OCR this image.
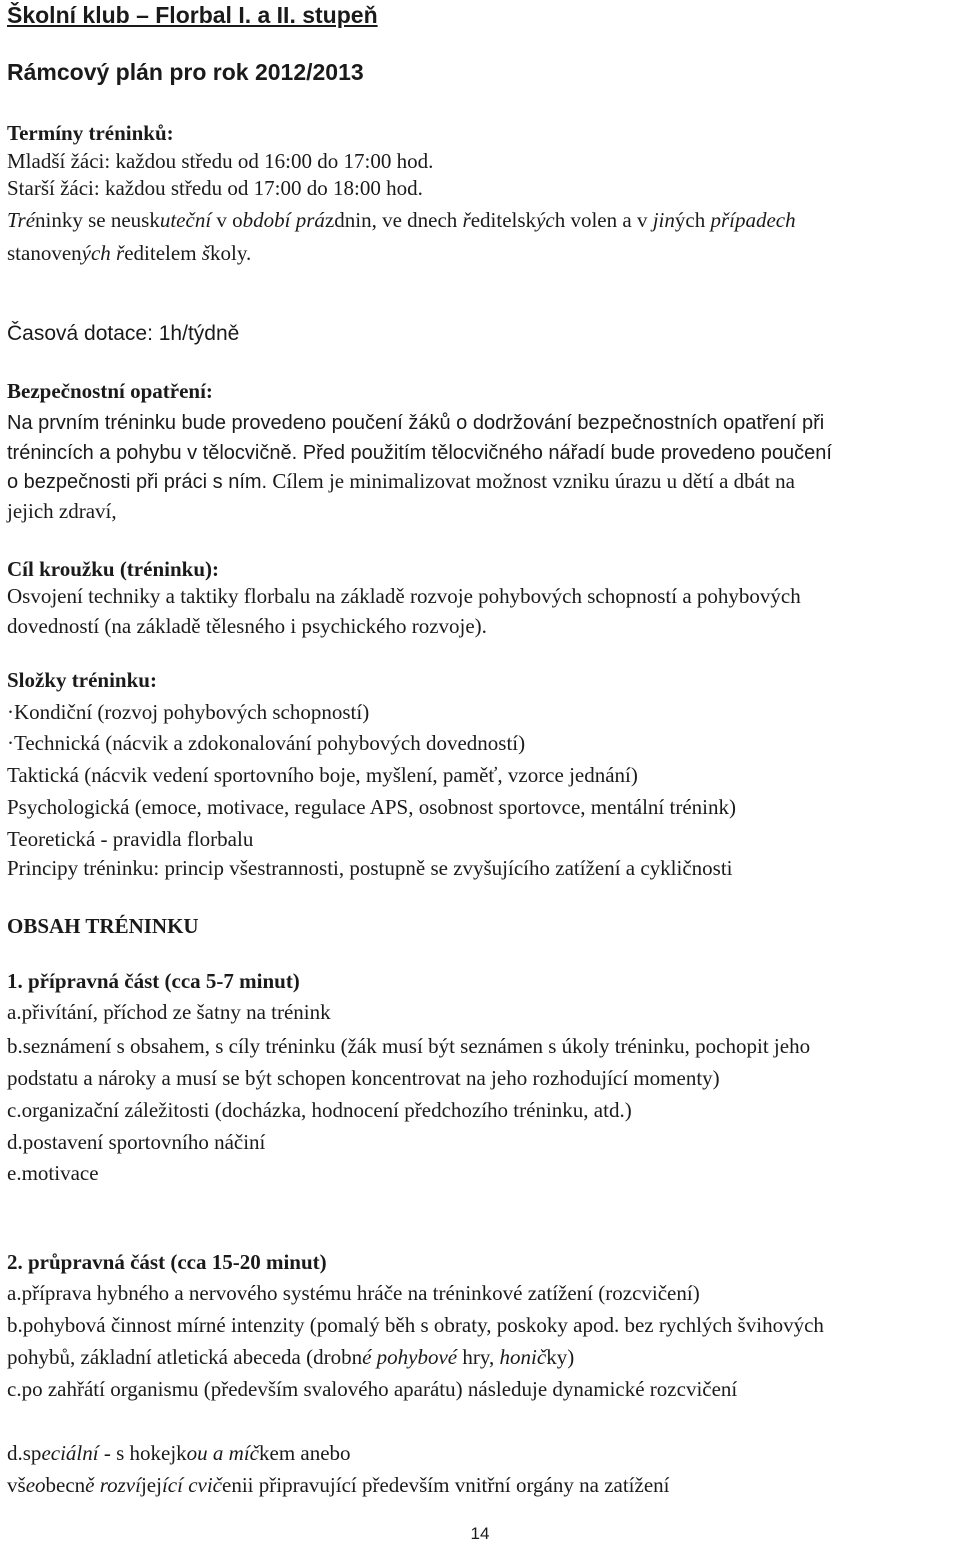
Školní klub – Florbal I. a II. stupeň
Rámcový plán pro rok 2012/2013
Termíny tréninků:
Mladší žáci: každou středu od 16:00 do 17:00 hod.
Starší žáci: každou středu od 17:00 do 18:00 hod.
Tréninky se neuskuteční v období prázdnin, ve dnech ředitelských volen a v jiných případech
stanovených ředitelem školy.
Časová dotace: 1h/týdně
Bezpečnostní opatření:
Na prvním tréninku bude provedeno poučení žáků o dodržování bezpečnostních opatření při
trénincích a pohybu v tělocvičně. Před použitím tělocvičného nářadí bude provedeno poučení
o bezpečnosti při práci s ním. Cílem je minimalizovat možnost vzniku úrazu u dětí a dbát na
jejich zdraví,
Cíl kroužku (tréninku):
Osvojení techniky a taktiky florbalu na základě rozvoje pohybových schopností a pohybových
dovedností (na základě tělesného i psychického rozvoje).
Složky tréninku:
·Kondiční (rozvoj pohybových schopností)
·Technická (nácvik a zdokonalování pohybových dovedností)
Taktická (nácvik vedení sportovního boje, myšlení, paměť, vzorce jednání)
Psychologická (emoce, motivace, regulace APS, osobnost sportovce, mentální trénink)
Teoretická - pravidla florbalu
Principy tréninku: princip všestrannosti, postupně se zvyšujícího zatížení a cykličnosti
OBSAH TRÉNINKU
1. přípravná část (cca 5-7 minut)
a.přivítání, příchod ze šatny na trénink
b.seznámení s obsahem, s cíly tréninku (žák musí být seznámen s úkoly tréninku, pochopit jeho
podstatu a nároky a musí se být schopen koncentrovat na jeho rozhodující momenty)
c.organizační záležitosti (docházka, hodnocení předchozího tréninku, atd.)
d.postavení sportovního náčiní
e.motivace
2. průpravná část (cca 15-20 minut)
a.příprava hybného a nervového systému hráče na tréninkové zatížení (rozcvičení)
b.pohybová činnost mírné intenzity (pomalý běh s obraty, poskoky apod. bez rychlých švihových
pohybů, základní atletická abeceda (drobné pohybové hry, honičky)
c.po zahřátí organismu (především svalového aparátu) následuje dynamické rozcvičení
d.speciální - s hokejkou a míčkem anebo
všeobecně rozvíjející cvičenii připravující především vnitřní orgány na zatížení
14
